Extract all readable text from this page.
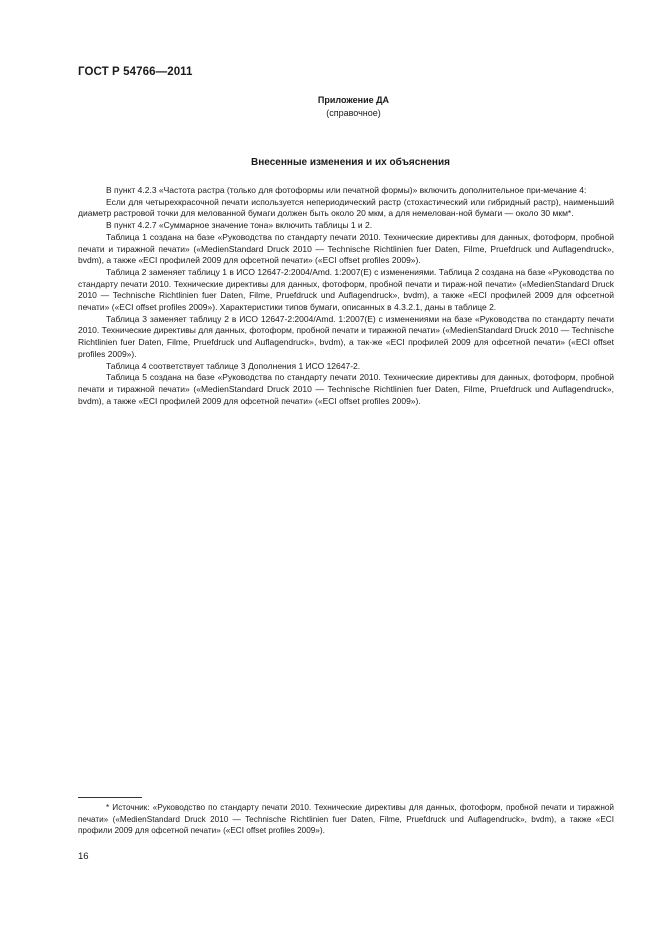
ГОСТ Р 54766—2011
Приложение ДА
(справочное)
Внесенные изменения и их объяснения

В пункт 4.2.3 «Частота растра (только для фотоформы или печатной формы)» включить дополнительное при-мечание 4:

Если для четырехкрасочной печати используется непериодический растр (стохастический или гибридный растр), наименьший диаметр растровой точки для мелованной бумаги должен быть около 20 мкм, а для немелован-ной бумаги — около 30 мкм*.

В пункт 4.2.7 «Суммарное значение тона» включить таблицы 1 и 2.

Таблица 1 создана на базе «Руководства по стандарту печати 2010. Технические директивы для данных, фотоформ, пробной печати и тиражной печати» («MedienStandard Druck 2010 — Technische Richtlinien fuer Daten, Filme, Pruefdruck und Auflagendruck», bvdm), а также «ECI профилей 2009 для офсетной печати» («ECI offset profiles 2009»).

Таблица 2 заменяет таблицу 1 в ИСО 12647-2:2004/Amd. 1:2007(E) с изменениями. Таблица 2 создана на базе «Руководства по стандарту печати 2010. Технические директивы для данных, фотоформ, пробной печати и тираж-ной печати» («MedienStandard Druck 2010 — Technische Richtlinien fuer Daten, Filme, Pruefdruck und Auflagendruck», bvdm), а также «ECI профилей 2009 для офсетной печати» («ECI offset profiles 2009»). Характеристики типов бумаги, описанных в 4.3.2.1, даны в таблице 2.

Таблица 3 заменяет таблицу 2 в ИСО 12647-2:2004/Amd. 1:2007(E) с изменениями на базе «Руководства по стандарту печати 2010. Технические директивы для данных, фотоформ, пробной печати и тиражной печати» («MedienStandard Druck 2010 — Technische Richtlinien fuer Daten, Filme, Pruefdruck und Auflagendruck», bvdm), а так-же «ECI профилей 2009 для офсетной печати» («ECI offset profiles 2009»).

Таблица 4 соответствует таблице 3 Дополнения 1 ИСО 12647-2.

Таблица 5 создана на базе «Руководства по стандарту печати 2010. Технические директивы для данных, фотоформ, пробной печати и тиражной печати» («MedienStandard Druck 2010 — Technische Richtlinien fuer Daten, Filme, Pruefdruck und Auflagendruck», bvdm), а также «ECI профилей 2009 для офсетной печати» («ECI offset profiles 2009»).

* Источник: «Руководство по стандарту печати 2010. Технические директивы для данных, фотоформ, пробной печати и тиражной печати» («MedienStandard Druck 2010 — Technische Richtlinien fuer Daten, Filme, Pruefdruck und Auflagendruck», bvdm), а также «ECI профили 2009 для офсетной печати» («ECI offset profiles 2009»).

16
